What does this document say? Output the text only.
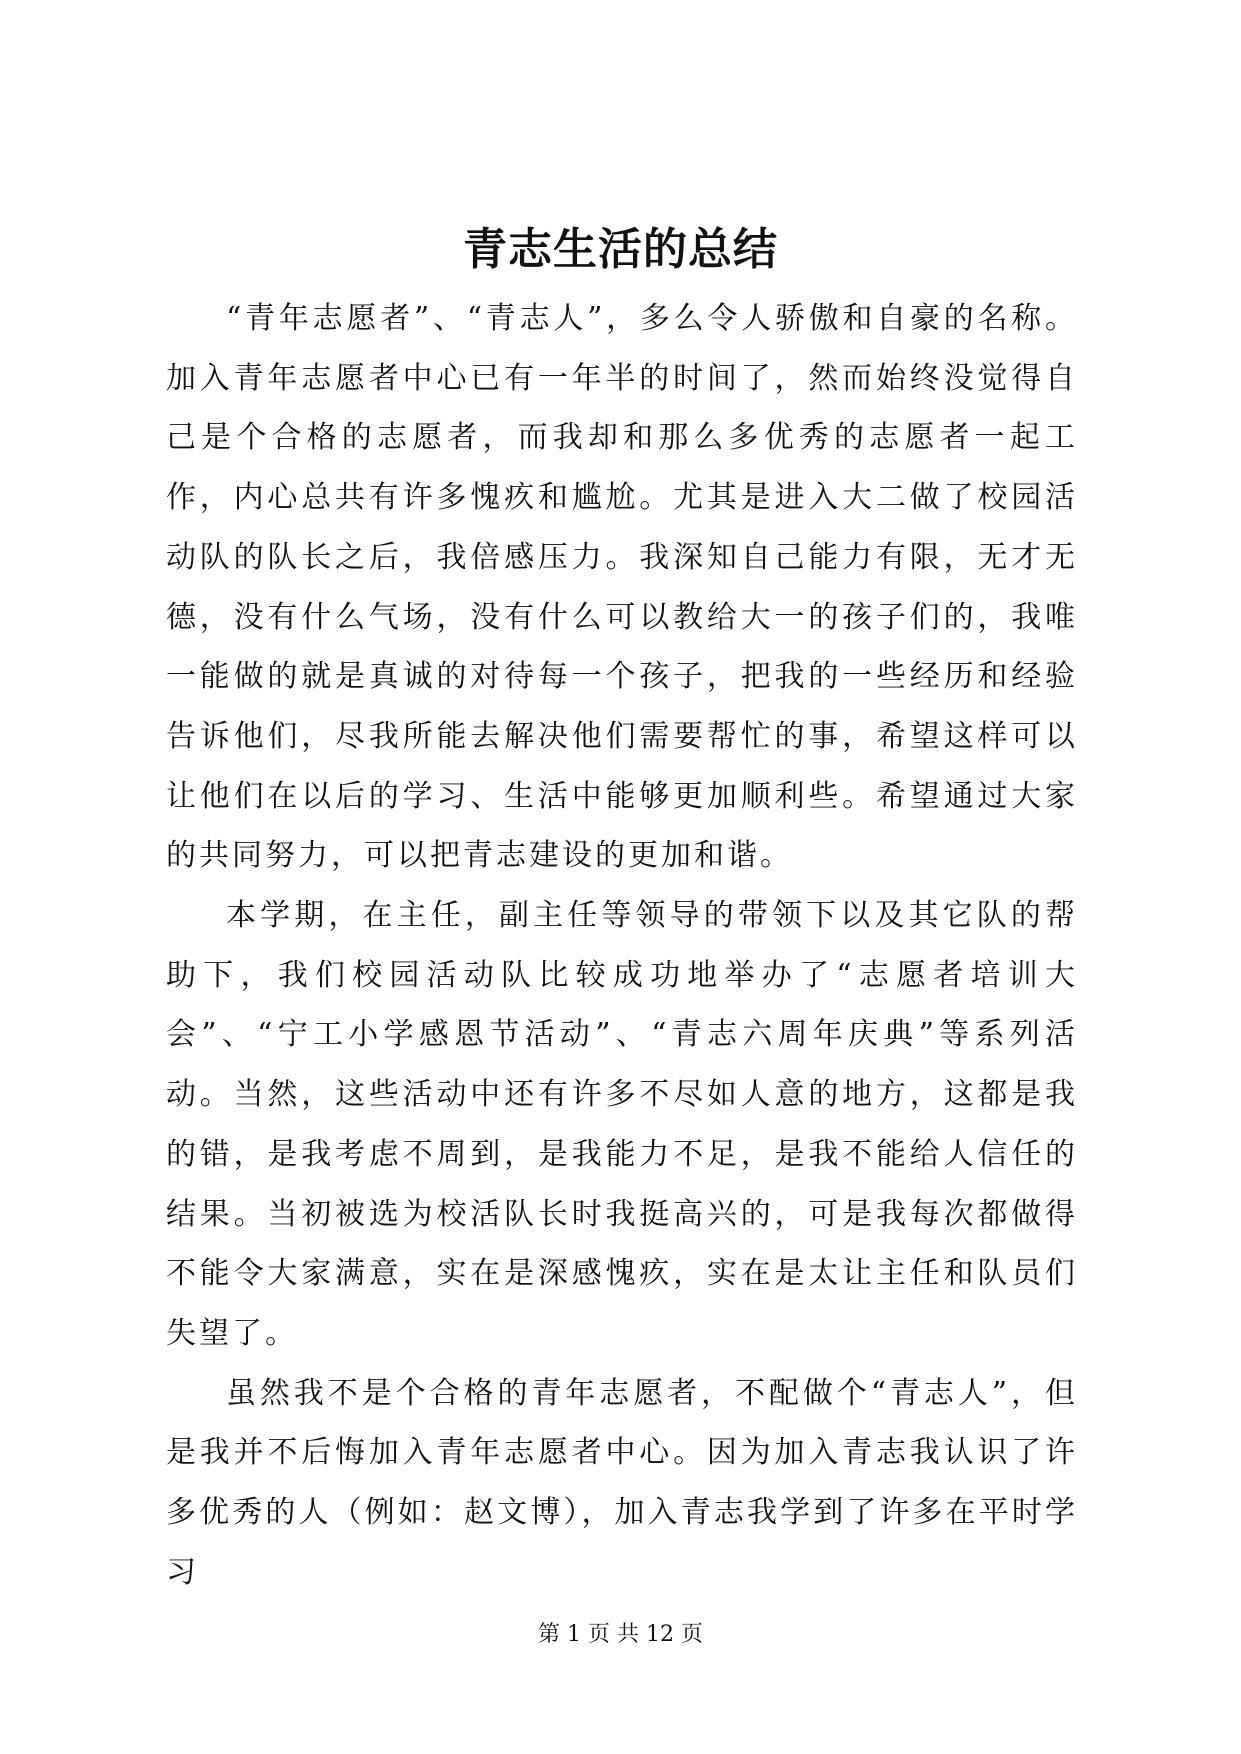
青志生活的总结

“青年志愿者”、“青志人”，多么令人骄傲和自豪的名称。加入青年志愿者中心已有一年半的时间了，然而始终没觉得自己是个合格的志愿者，而我却和那么多优秀的志愿者一起工作，内心总共有许多愧疚和尴尬。尤其是进入大二做了校园活动队的队长之后，我倍感压力。我深知自己能力有限，无才无德，没有什么气场，没有什么可以教给大一的孩子们的，我唯一能做的就是真诚的对待每一个孩子，把我的一些经历和经验告诉他们，尽我所能去解决他们需要帮忙的事，希望这样可以让他们在以后的学习、生活中能够更加顺利些。希望通过大家的共同努力，可以把青志建设的更加和谐。

本学期，在主任，副主任等领导的带领下以及其它队的帮助下，我们校园活动队比较成功地举办了“志愿者培训大会”、“宁工小学感恩节活动”、“青志六周年庆典”等系列活动。当然，这些活动中还有许多不尽如人意的地方，这都是我的错，是我考虑不周到，是我能力不足，是我不能给人信任的结果。当初被选为校活队长时我挺高兴的，可是我每次都做得不能令大家满意，实在是深感愧疚，实在是太让主任和队员们失望了。

虽然我不是个合格的青年志愿者，不配做个“青志人”，但是我并不后悔加入青年志愿者中心。因为加入青志我认识了许多优秀的人（例如：赵文博），加入青志我学到了许多在平时学习

第 1 页 共 12 页
